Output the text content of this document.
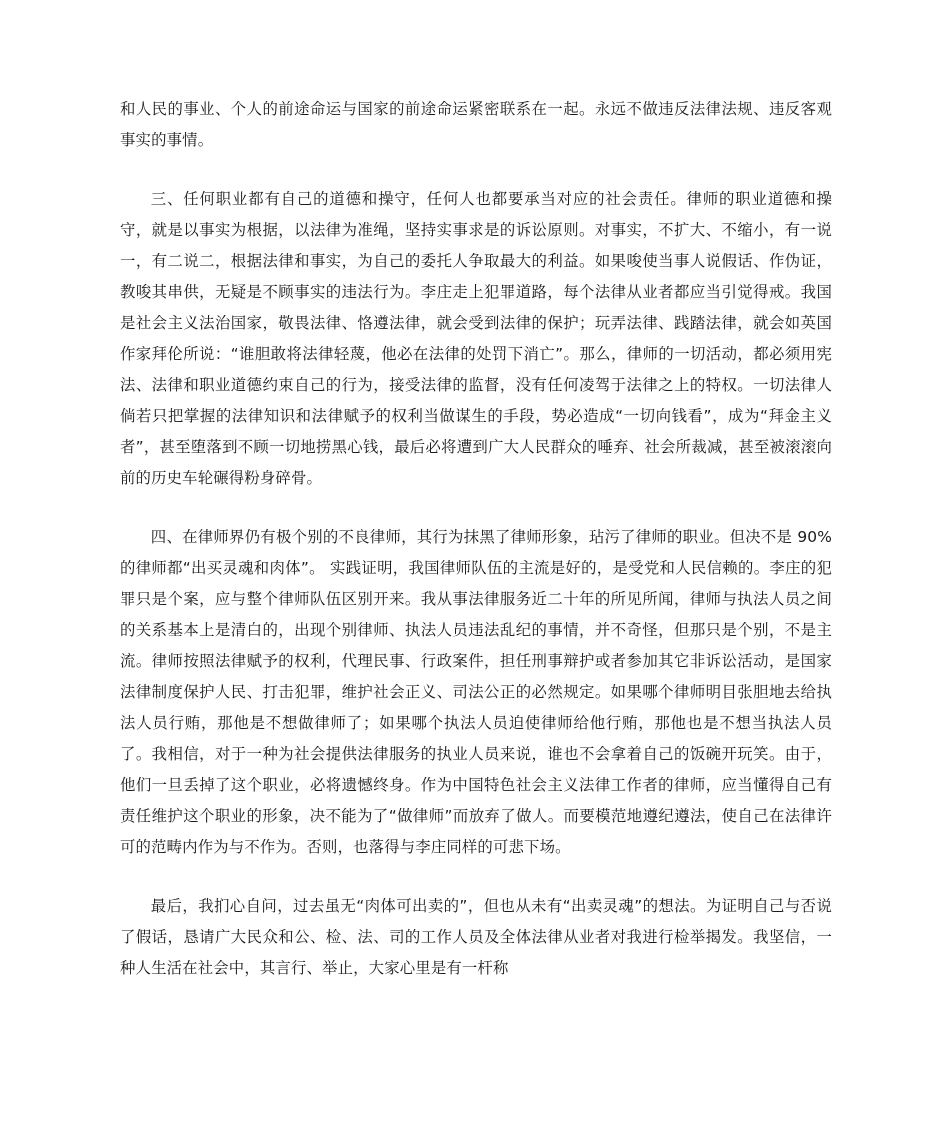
和人民的事业、个人的前途命运与国家的前途命运紧密联系在一起。永远不做违反法律法规、违反客观事实的事情。

三、任何职业都有自己的道德和操守，任何人也都要承当对应的社会责任。律师的职业道德和操守，就是以事实为根据，以法律为准绳，坚持实事求是的诉讼原则。对事实，不扩大、不缩小，有一说一，有二说二，根据法律和事实，为自己的委托人争取最大的利益。如果唆使当事人说假话、作伪证，教唆其串供，无疑是不顾事实的违法行为。李庄走上犯罪道路，每个法律从业者都应当引觉得戒。我国是社会主义法治国家，敬畏法律、恪遵法律，就会受到法律的保护；玩弄法律、践踏法律，就会如英国作家拜伦所说：“谁胆敢将法律轻蔑，他必在法律的处罚下消亡”。那么，律师的一切活动，都必须用宪法、法律和职业道德约束自己的行为，接受法律的监督，没有任何凌驾于法律之上的特权。一切法律人倘若只把掌握的法律知识和法律赋予的权利当做谋生的手段，势必造成“一切向钱看”，成为“拜金主义者”，甚至堕落到不顾一切地捞黑心钱，最后必将遭到广大人民群众的唾弃、社会所裁减，甚至被滚滚向前的历史车轮碾得粉身碎骨。

四、在律师界仍有极个别的不良律师，其行为抹黑了律师形象，玷污了律师的职业。但决不是 90%的律师都“出买灵魂和肉体”。 实践证明，我国律师队伍的主流是好的，是受党和人民信赖的。李庄的犯罪只是个案，应与整个律师队伍区别开来。我从事法律服务近二十年的所见所闻，律师与执法人员之间的关系基本上是清白的，出现个别律师、执法人员违法乱纪的事情，并不奇怪，但那只是个别，不是主流。律师按照法律赋予的权利，代理民事、行政案件，担任刑事辩护或者参加其它非诉讼活动，是国家法律制度保护人民、打击犯罪，维护社会正义、司法公正的必然规定。如果哪个律师明目张胆地去给执法人员行贿，那他是不想做律师了；如果哪个执法人员迫使律师给他行贿，那他也是不想当执法人员了。我相信，对于一种为社会提供法律服务的执业人员来说，谁也不会拿着自己的饭碗开玩笑。由于，他们一旦丢掉了这个职业，必将遗憾终身。作为中国特色社会主义法律工作者的律师，应当懂得自己有责任维护这个职业的形象，决不能为了“做律师”而放弃了做人。而要模范地遵纪遵法，使自己在法律许可的范畴内作为与不作为。否则，也落得与李庄同样的可悲下场。

最后，我扪心自问，过去虽无“肉体可出卖的”，但也从未有“出卖灵魂”的想法。为证明自己与否说了假话，恳请广大民众和公、检、法、司的工作人员及全体法律从业者对我进行检举揭发。我坚信，一种人生活在社会中，其言行、举止，大家心里是有一杆称
